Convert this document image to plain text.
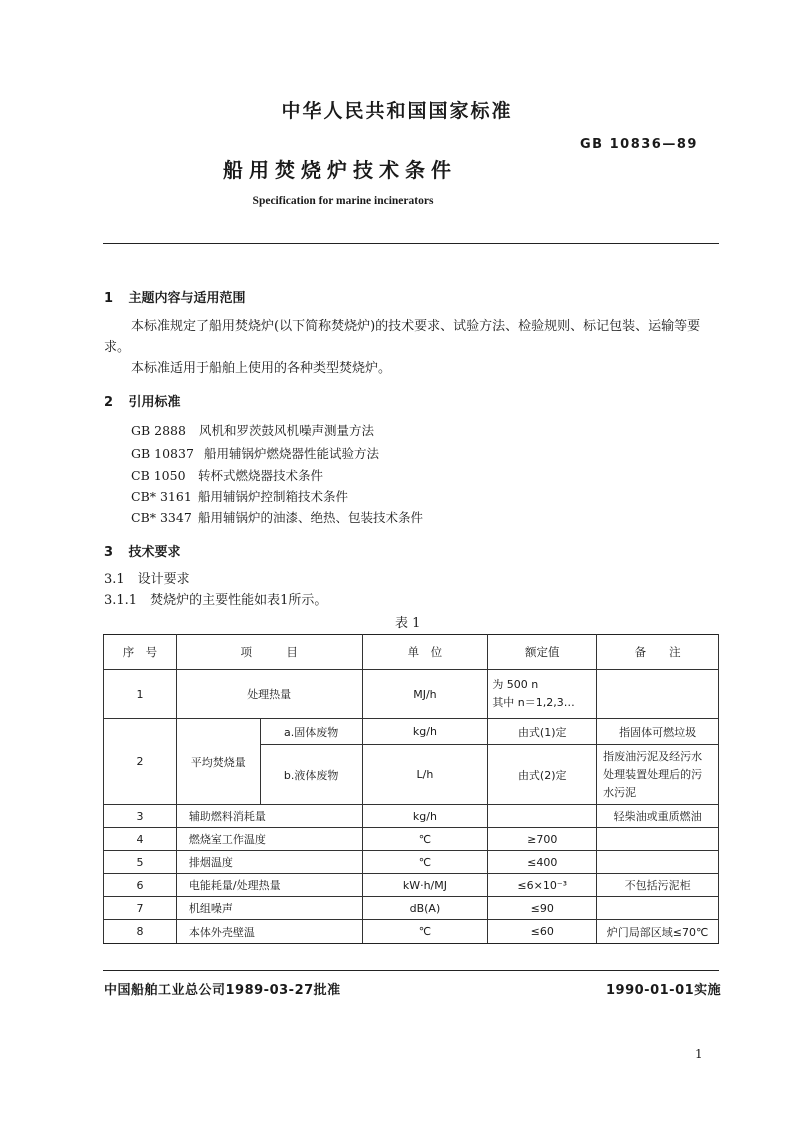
中华人民共和国国家标准
GB 10836—89
船用焚烧炉技术条件
Specification for marine incinerators
1 主题内容与适用范围
本标准规定了船用焚烧炉(以下简称焚烧炉)的技术要求、试验方法、检验规则、标记包装、运输等要
求。
本标准适用于船舶上使用的各种类型焚烧炉。
2 引用标准
GB 2888 风机和罗茨鼓风机噪声测量方法
GB 10837 船用辅锅炉燃烧器性能试验方法
CB 1050 转杯式燃烧器技术条件
CB* 3161 船用辅锅炉控制箱技术条件
CB* 3347 船用辅锅炉的油漆、绝热、包装技术条件
3 技术要求
3.1　设计要求
3.1.1　焚烧炉的主要性能如表1所示。
表 1
序　号	项　　　目		单　位	额定值	备　　注
1	处理热量		MJ/h	为 500 n
其中 n＝1,2,3…	

2	平均焚烧量	a.固体废物	kg/h	由式(1)定	指固体可燃垃圾
		b.液体废物	L/h	由式(2)定	指废油污泥及经污水处理装置处理后的污水污泥
3	辅助燃料消耗量		kg/h		轻柴油或重质燃油
4	燃烧室工作温度		℃	≥700	
5	排烟温度		℃	≤400	
6	电能耗量/处理热量		kW·h/MJ	≤6×10⁻³	不包括污泥柜
7	机组噪声		dB(A)	≤90	
8	本体外壳壁温		℃	≤60	炉门局部区域≤70℃
中国船舶工业总公司1989-03-27批准	1990-01-01实施
1
